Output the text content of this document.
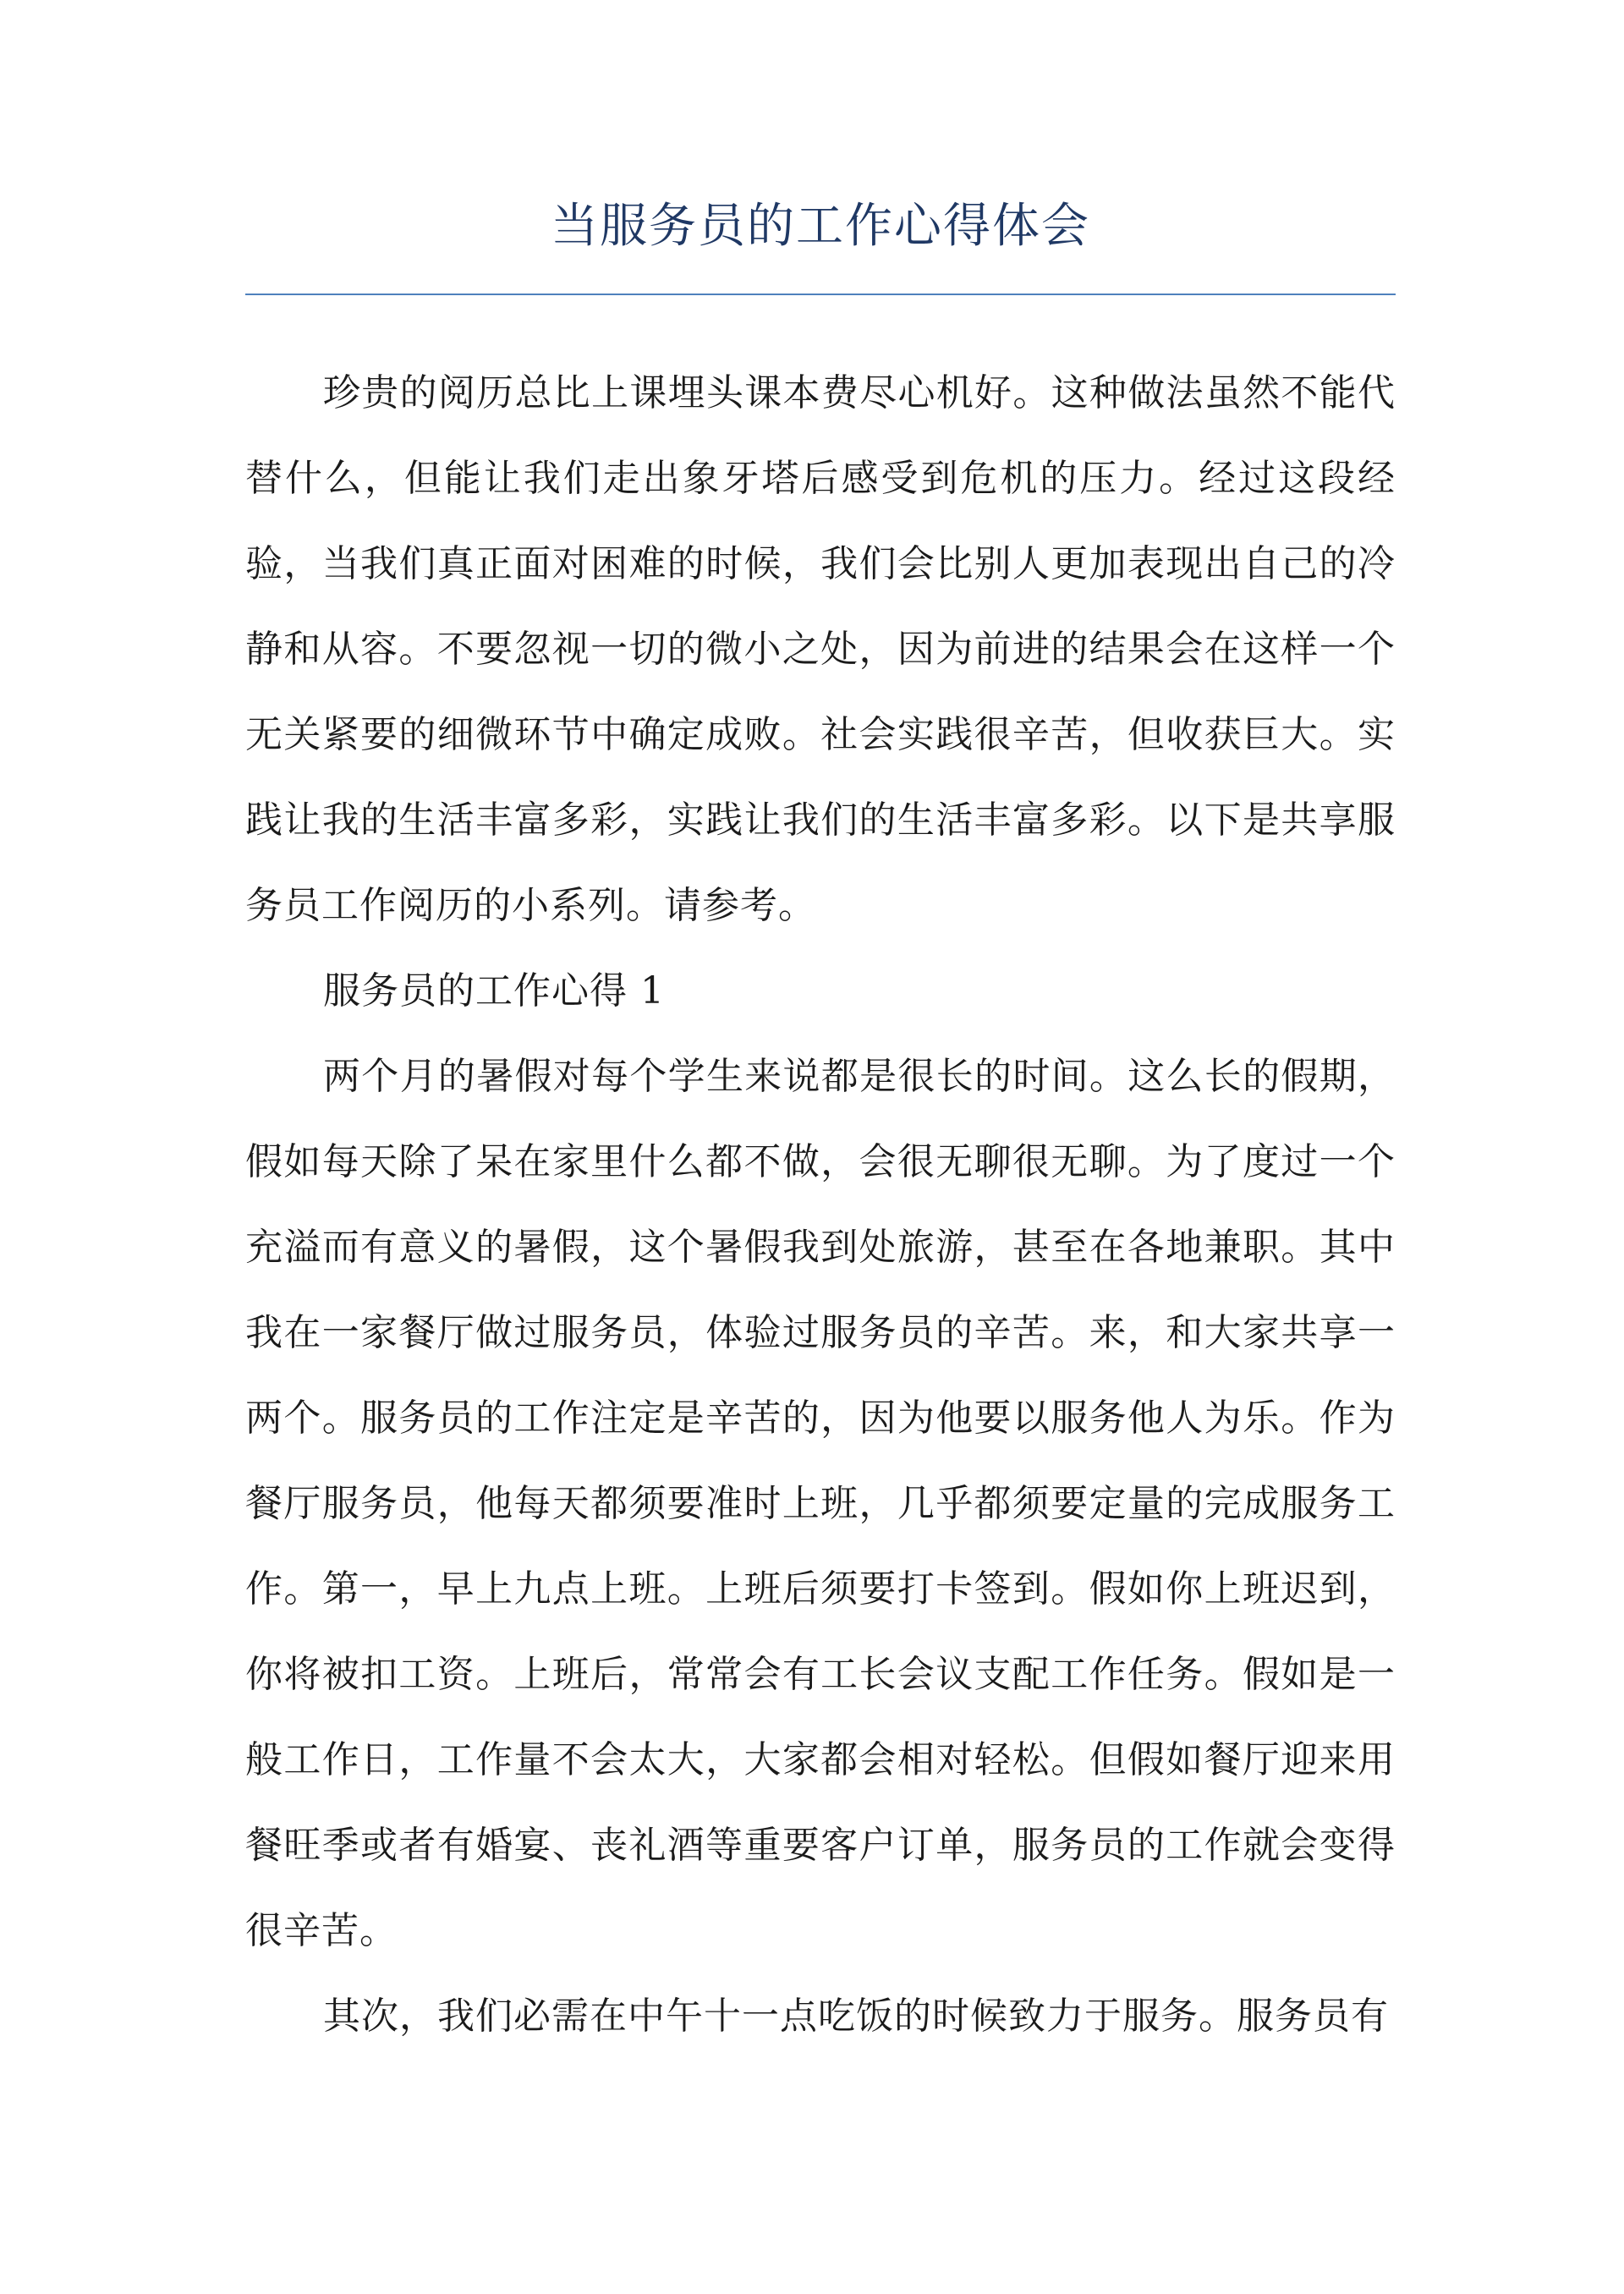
当服务员的工作心得体会

珍贵的阅历总比上课埋头课本费尽心机好。这种做法虽然不能代替什么，但能让我们走出象牙塔后感受到危机的压力。经过这段经验，当我们真正面对困难的时候，我们会比别人更加表现出自己的冷静和从容。不要忽视一切的微小之处，因为前进的结果会在这样一个无关紧要的细微环节中确定成败。社会实践很辛苦，但收获巨大。实践让我的生活丰富多彩，实践让我们的生活丰富多彩。以下是共享服务员工作阅历的小系列。请参考。

服务员的工作心得 1

两个月的暑假对每个学生来说都是很长的时间。这么长的假期，假如每天除了呆在家里什么都不做，会很无聊很无聊。为了度过一个充溢而有意义的暑假，这个暑假我到处旅游，甚至在各地兼职。其中我在一家餐厅做过服务员，体验过服务员的辛苦。来，和大家共享一两个。服务员的工作注定是辛苦的，因为他要以服务他人为乐。作为餐厅服务员，他每天都须要准时上班，几乎都须要定量的完成服务工作。第一，早上九点上班。上班后须要打卡签到。假如你上班迟到，你将被扣工资。上班后，常常会有工长会议支配工作任务。假如是一般工作日，工作量不会太大，大家都会相对轻松。但假如餐厅迎来用餐旺季或者有婚宴、丧礼酒等重要客户订单，服务员的工作就会变得很辛苦。

其次，我们必需在中午十一点吃饭的时候致力于服务。服务员有
